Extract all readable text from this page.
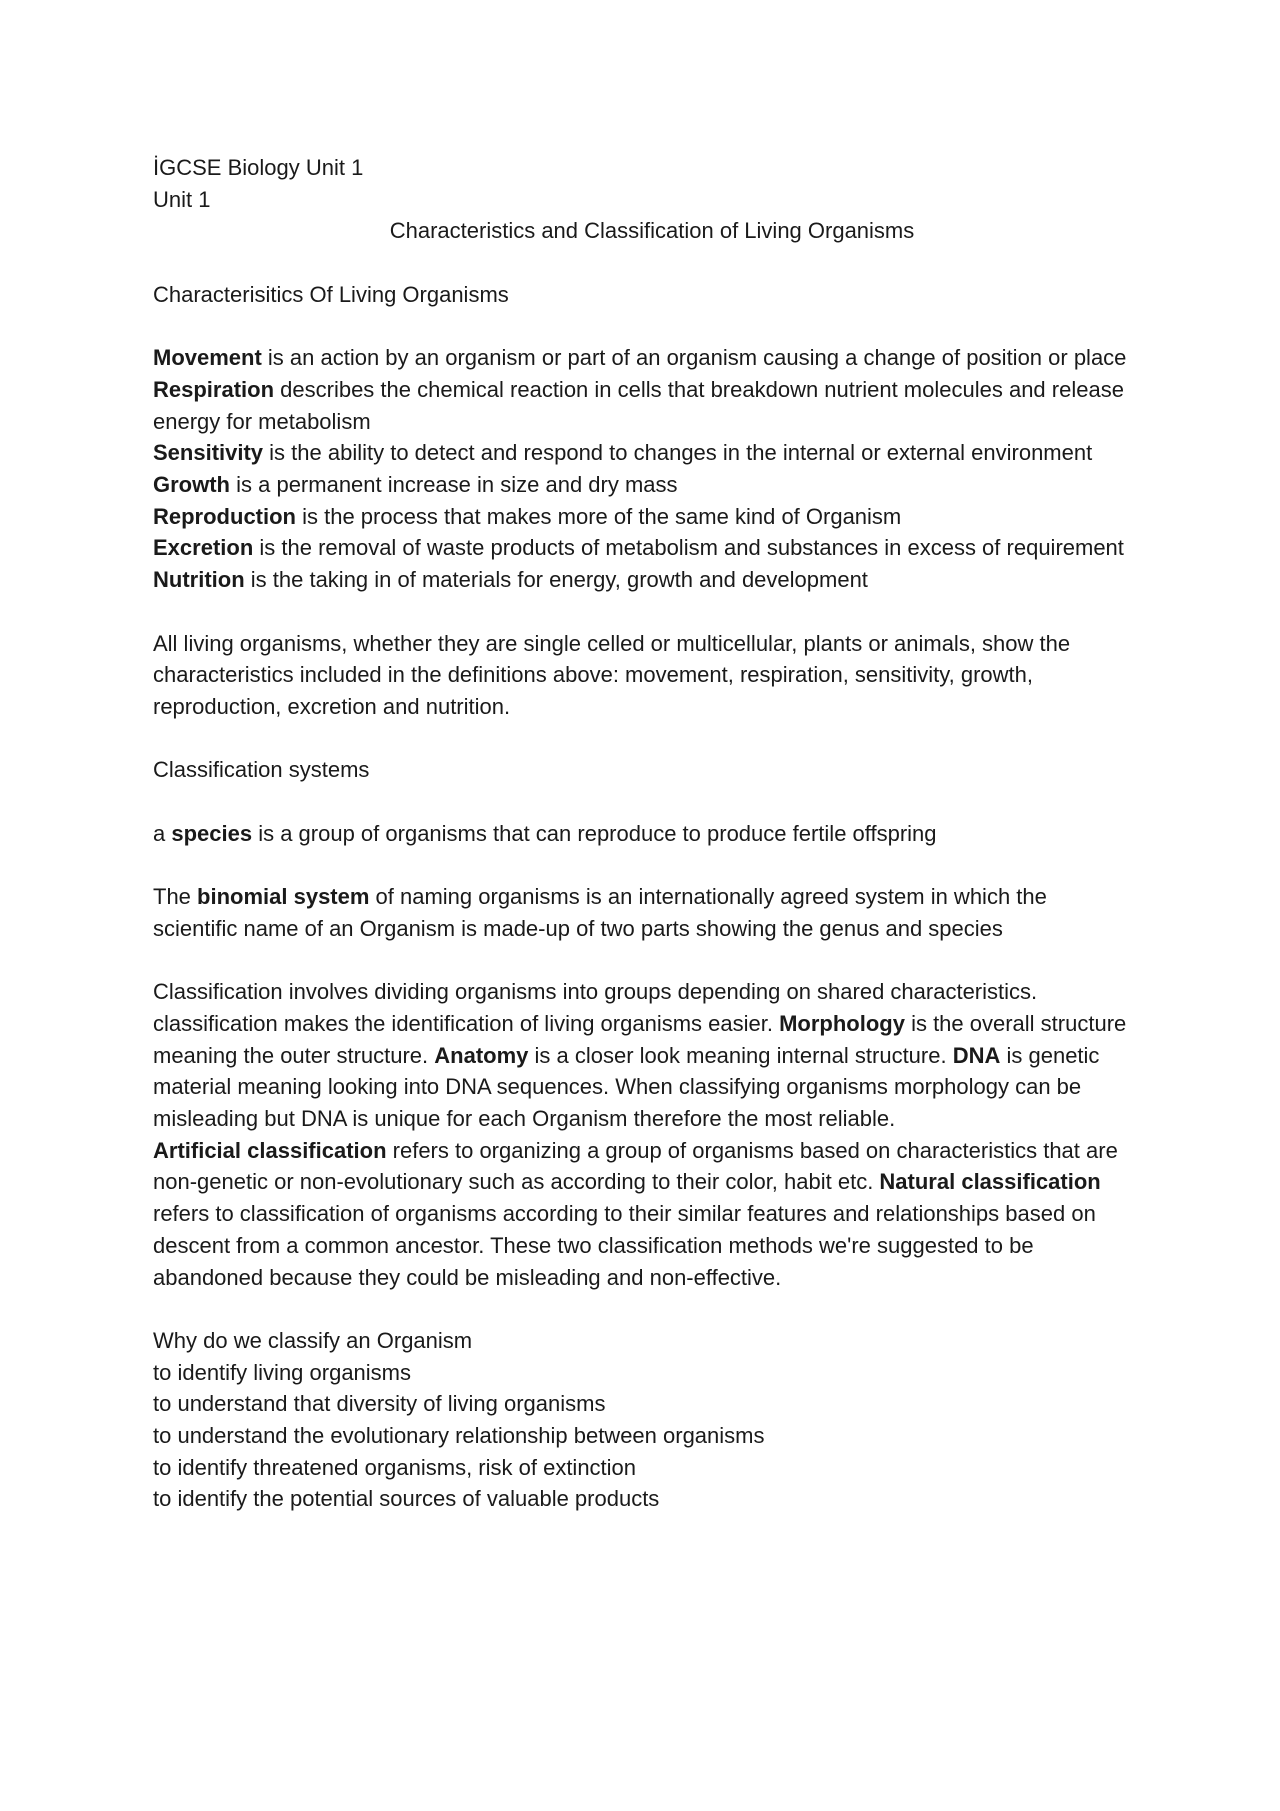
İGCSE Biology Unit 1
Unit 1
Characteristics and Classification of Living Organisms
Characterisitics Of Living Organisms

Movement is an action by an organism or part of an organism causing a change of position or place

Respiration describes the chemical reaction in cells that breakdown nutrient molecules and release energy for metabolism

Sensitivity is the ability to detect and respond to changes in the internal or external environment

Growth is a permanent increase in size and dry mass

Reproduction is the process that makes more of the same kind of Organism

Excretion is the removal of waste products of metabolism and substances in excess of requirement

Nutrition is the taking in of materials for energy, growth and development

All living organisms, whether they are single celled or multicellular, plants or animals, show the characteristics included in the definitions above: movement, respiration, sensitivity, growth, reproduction, excretion and nutrition.

Classification systems

a species is a group of organisms that can reproduce to produce fertile offspring

The binomial system of naming organisms is an internationally agreed system in which the scientific name of an Organism is made-up of two parts showing the genus and species

Classification involves dividing organisms into groups depending on shared characteristics. classification makes the identification of living organisms easier. Morphology is the overall structure meaning the outer structure. Anatomy is a closer look meaning internal structure. DNA is genetic material meaning looking into DNA sequences. When classifying organisms morphology can be misleading but DNA is unique for each Organism therefore the most reliable.

Artificial classification refers to organizing a group of organisms based on characteristics that are non-genetic or non-evolutionary such as according to their color, habit etc. Natural classification refers to classification of organisms according to their similar features and relationships based on descent from a common ancestor. These two classification methods we're suggested to be abandoned because they could be misleading and non-effective.

Why do we classify an Organism
to identify living organisms
to understand that diversity of living organisms
to understand the evolutionary relationship between organisms
to identify threatened organisms, risk of extinction
to identify the potential sources of valuable products
